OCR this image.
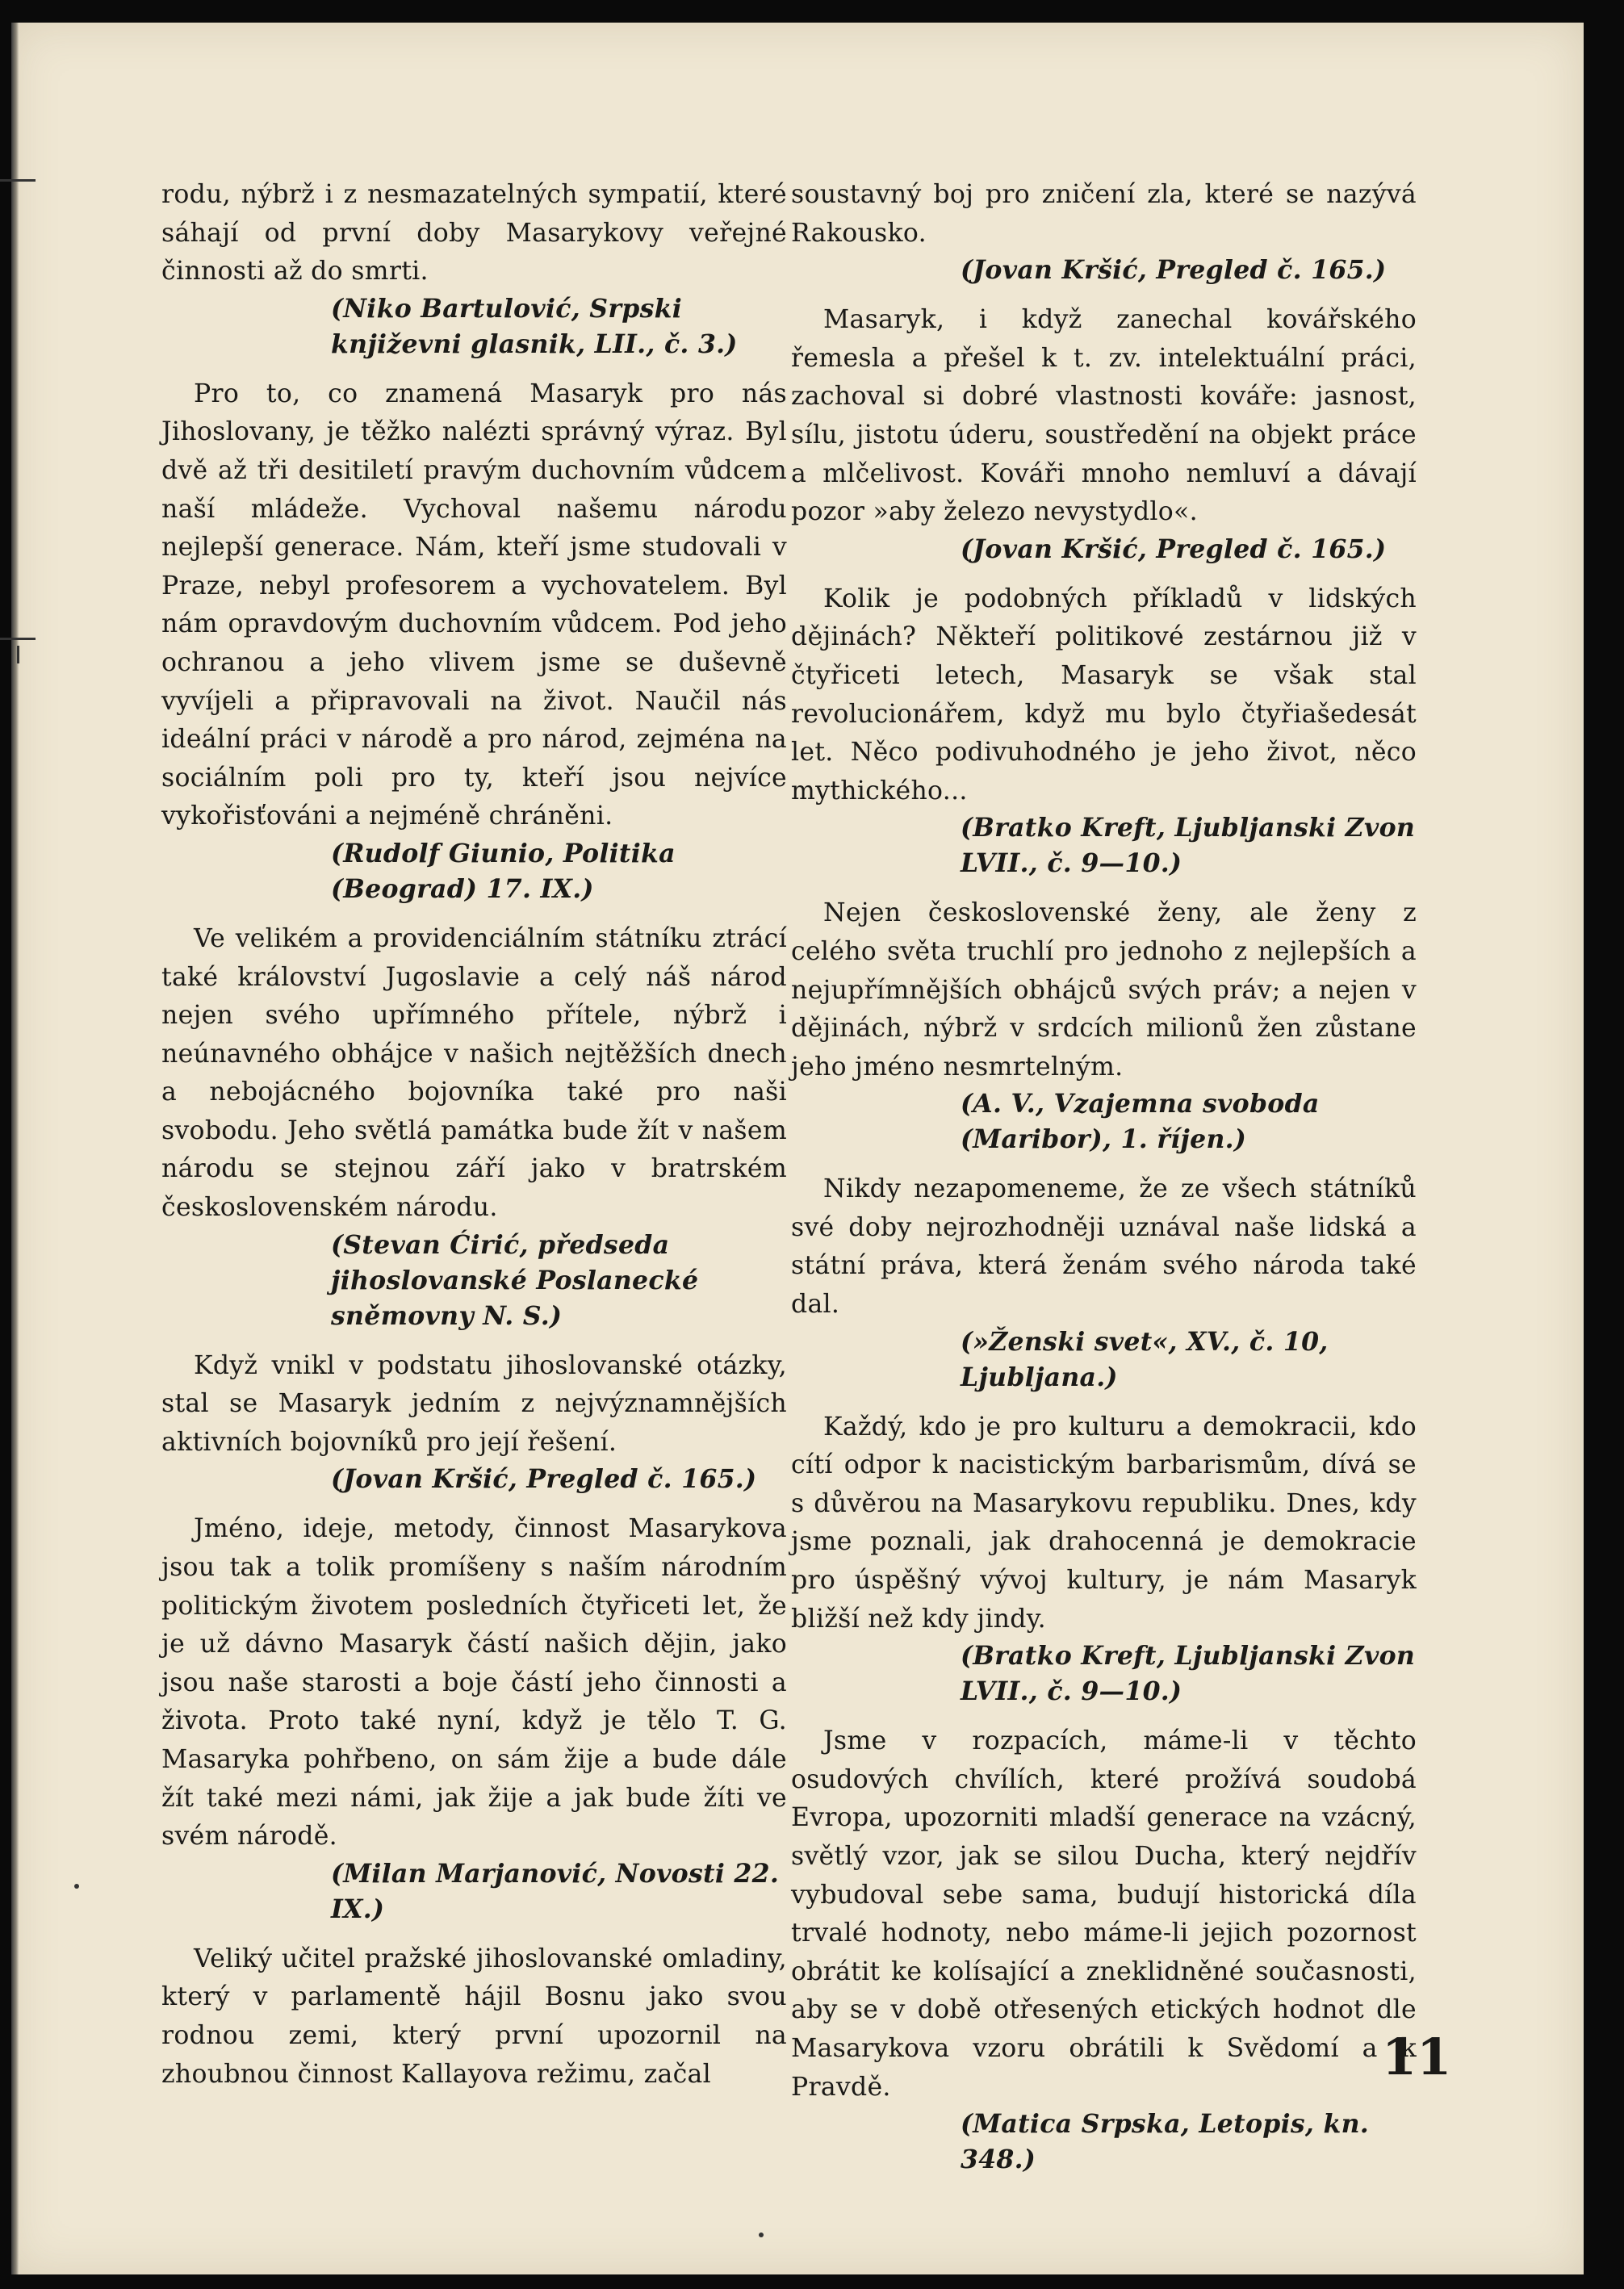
rodu, nýbrž i z nesmazatelných sympatií, které sáhají od první doby Masarykovy veřejné činnosti až do smrti.

(Niko Bartulović, Srpski književni glasnik, LII., č. 3.)

Pro to, co znamená Masaryk pro nás Jihoslovany, je těžko nalézti správný výraz. Byl dvě až tři desitiletí pravým duchovním vůdcem naší mládeže. Vychoval našemu národu nejlepší generace. Nám, kteří jsme studovali v Praze, nebyl profesorem a vychovatelem. Byl nám opravdovým duchovním vůdcem. Pod jeho ochranou a jeho vlivem jsme se duševně vyvíjeli a připravovali na život. Naučil nás ideální práci v národě a pro národ, zejména na sociálním poli pro ty, kteří jsou nejvíce vykořisťováni a nejméně chráněni.

(Rudolf Giunio, Politika (Beograd) 17. IX.)

Ve velikém a providenciálním státníku ztrácí také království Jugoslavie a celý náš národ nejen svého upřímného přítele, nýbrž i neúnavného obhájce v našich nejtěžších dnech a nebojácného bojovníka také pro naši svobodu. Jeho světlá památka bude žít v našem národu se stejnou září jako v bratrském československém národu.

(Stevan Ćirić, předseda jihoslovanské Poslanecké sněmovny N. S.)

Když vnikl v podstatu jihoslovanské otázky, stal se Masaryk jedním z nejvýznamnějších aktivních bojovníků pro její řešení.

(Jovan Kršić, Pregled č. 165.)

Jméno, ideje, metody, činnost Masarykova jsou tak a tolik promíšeny s naším národním politickým životem posledních čtyřiceti let, že je už dávno Masaryk částí našich dějin, jako jsou naše starosti a boje částí jeho činnosti a života. Proto také nyní, když je tělo T. G. Masaryka pohřbeno, on sám žije a bude dále žít také mezi námi, jak žije a jak bude žíti ve svém národě.

(Milan Marjanović, Novosti 22. IX.)

Veliký učitel pražské jihoslovanské omladiny, který v parlamentě hájil Bosnu jako svou rodnou zemi, který první upozornil na zhoubnou činnost Kallayova režimu, začal

soustavný boj pro zničení zla, které se nazývá Rakousko.

(Jovan Kršić, Pregled č. 165.)

Masaryk, i když zanechal kovářského řemesla a přešel k t. zv. intelektuální práci, zachoval si dobré vlastnosti kováře: jasnost, sílu, jistotu úderu, soustředění na objekt práce a mlčelivost. Kováři mnoho nemluví a dávají pozor »aby železo nevystydlo«.

(Jovan Kršić, Pregled č. 165.)

Kolik je podobných příkladů v lidských dějinách? Někteří politikové zestárnou již v čtyřiceti letech, Masaryk se však stal revolucionářem, když mu bylo čtyřiašedesát let. Něco podivuhodného je jeho život, něco mythického...

(Bratko Kreft, Ljubljanski Zvon LVII., č. 9—10.)

Nejen československé ženy, ale ženy z celého světa truchlí pro jednoho z nejlepších a nejupřímnějších obhájců svých práv; a nejen v dějinách, nýbrž v srdcích milionů žen zůstane jeho jméno nesmrtelným.

(A. V., Vzajemna svoboda (Maribor), 1. říjen.)

Nikdy nezapomeneme, že ze všech státníků své doby nejrozhodněji uznával naše lidská a státní práva, která ženám svého národa také dal.

(»Ženski svet«, XV., č. 10, Ljubljana.)

Každý, kdo je pro kulturu a demokracii, kdo cítí odpor k nacistickým barbarismům, dívá se s důvěrou na Masarykovu republiku. Dnes, kdy jsme poznali, jak drahocenná je demokracie pro úspěšný vývoj kultury, je nám Masaryk bližší než kdy jindy.

(Bratko Kreft, Ljubljanski Zvon LVII., č. 9—10.)

Jsme v rozpacích, máme-li v těchto osudových chvílích, které prožívá soudobá Evropa, upozorniti mladší generace na vzácný, světlý vzor, jak se silou Ducha, který nejdřív vybudoval sebe sama, budují historická díla trvalé hodnoty, nebo máme-li jejich pozornost obrátit ke kolísající a zneklidněné současnosti, aby se v době otřesených etických hodnot dle Masarykova vzoru obrátili k Svědomí a k Pravdě.

(Matica Srpska, Letopis, kn. 348.)

11
